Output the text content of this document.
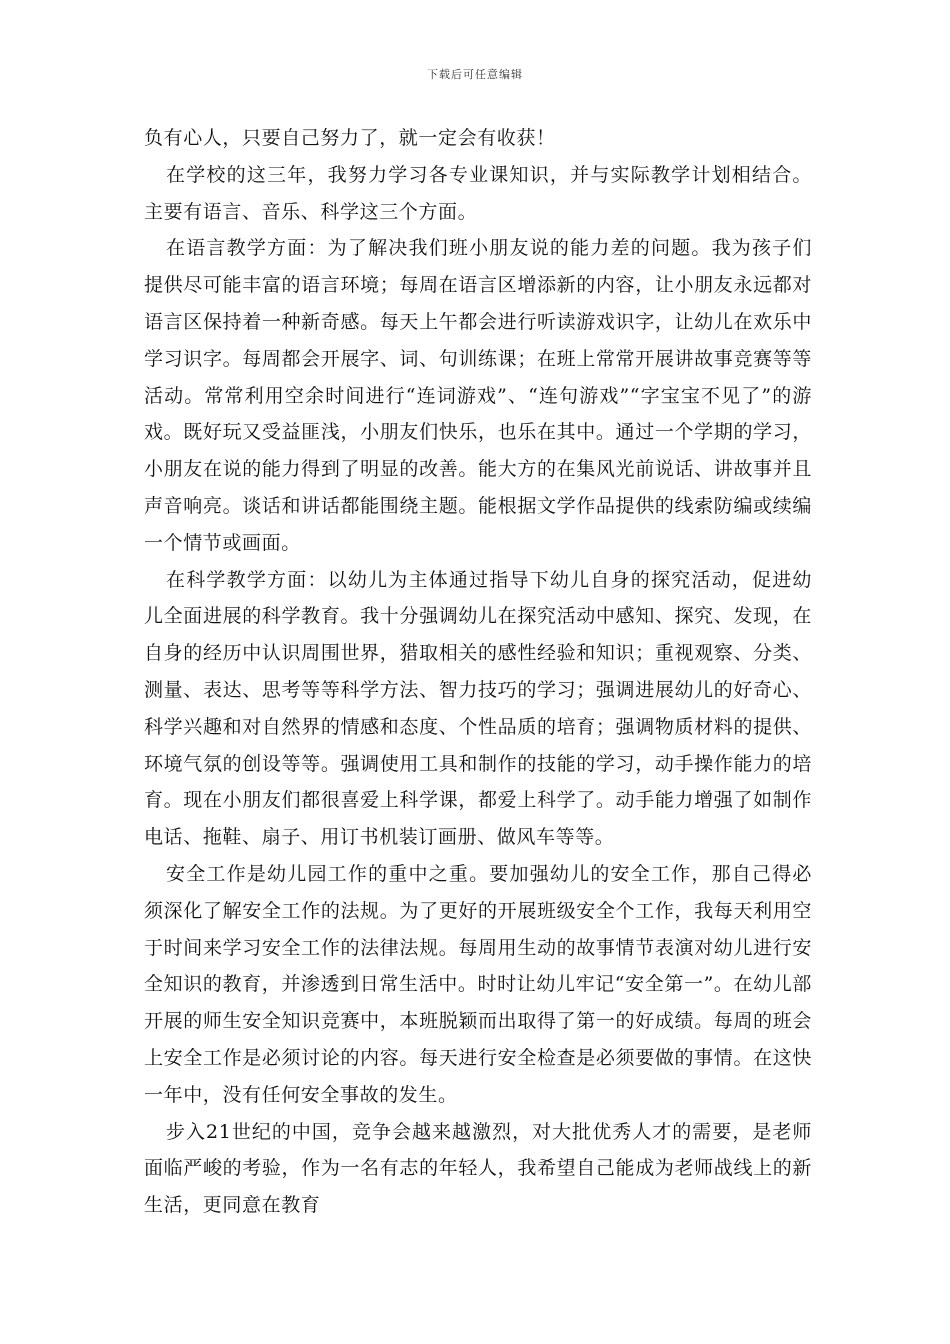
下载后可任意编辑

负有心人，只要自己努力了，就一定会有收获！

在学校的这三年，我努力学习各专业课知识，并与实际教学计划相结合。主要有语言、音乐、科学这三个方面。

在语言教学方面：为了解决我们班小朋友说的能力差的问题。我为孩子们提供尽可能丰富的语言环境；每周在语言区增添新的内容，让小朋友永远都对语言区保持着一种新奇感。每天上午都会进行听读游戏识字，让幼儿在欢乐中学习识字。每周都会开展字、词、句训练课；在班上常常开展讲故事竞赛等等活动。常常利用空余时间进行“连词游戏”、“连句游戏”“字宝宝不见了”的游戏。既好玩又受益匪浅，小朋友们快乐，也乐在其中。通过一个学期的学习，小朋友在说的能力得到了明显的改善。能大方的在集风光前说话、讲故事并且声音响亮。谈话和讲话都能围绕主题。能根据文学作品提供的线索防编或续编一个情节或画面。

在科学教学方面：以幼儿为主体通过指导下幼儿自身的探究活动，促进幼儿全面进展的科学教育。我十分强调幼儿在探究活动中感知、探究、发现，在自身的经历中认识周围世界，猎取相关的感性经验和知识；重视观察、分类、测量、表达、思考等等科学方法、智力技巧的学习；强调进展幼儿的好奇心、科学兴趣和对自然界的情感和态度、个性品质的培育；强调物质材料的提供、环境气氛的创设等等。强调使用工具和制作的技能的学习，动手操作能力的培育。现在小朋友们都很喜爱上科学课，都爱上科学了。动手能力增强了如制作电话、拖鞋、扇子、用订书机装订画册、做风车等等。

安全工作是幼儿园工作的重中之重。要加强幼儿的安全工作，那自己得必须深化了解安全工作的法规。为了更好的开展班级安全个工作，我每天利用空于时间来学习安全工作的法律法规。每周用生动的故事情节表演对幼儿进行安全知识的教育，并渗透到日常生活中。时时让幼儿牢记“安全第一”。在幼儿部开展的师生安全知识竞赛中，本班脱颖而出取得了第一的好成绩。每周的班会上安全工作是必须讨论的内容。每天进行安全检查是必须要做的事情。在这快一年中，没有任何安全事故的发生。

步入21世纪的中国，竞争会越来越激烈，对大批优秀人才的需要，是老师面临严峻的考验，作为一名有志的年轻人，我希望自己能成为老师战线上的新生活，更同意在教育
